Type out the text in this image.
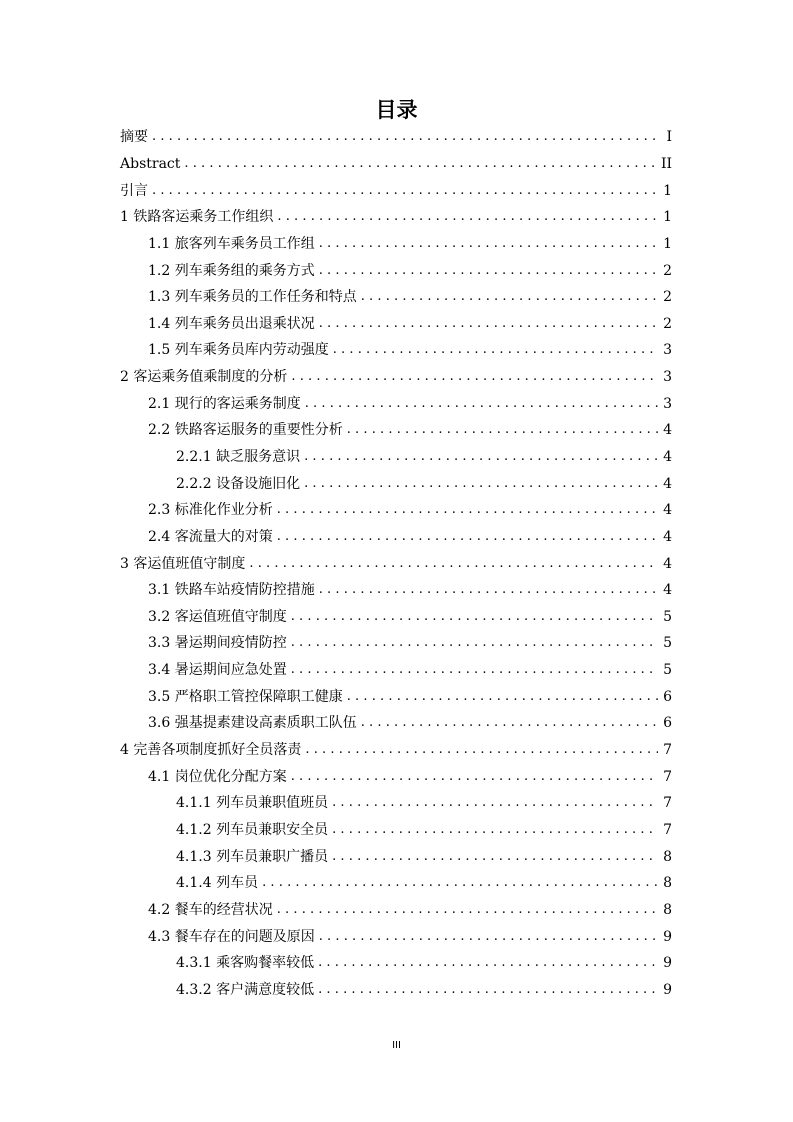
目录
摘要 .....	I
Abstract .....	II
引言 .....	1
1 铁路客运乘务工作组织 .....	1
1.1 旅客列车乘务员工作组 .....	1
1.2 列车乘务组的乘务方式 .....	2
1.3 列车乘务员的工作任务和特点 .....	2
1.4 列车乘务员出退乘状况 .....	2
1.5 列车乘务员库内劳动强度 .....	3
2 客运乘务值乘制度的分析 .....	3
2.1 现行的客运乘务制度 .....	3
2.2 铁路客运服务的重要性分析 .....	4
2.2.1 缺乏服务意识 .....	4
2.2.2 设备设施旧化 .....	4
2.3 标准化作业分析 .....	4
2.4 客流量大的对策 .....	4
3 客运值班值守制度 .....	4
3.1 铁路车站疫情防控措施 .....	4
3.2 客运值班值守制度 .....	5
3.3 暑运期间疫情防控 .....	5
3.4 暑运期间应急处置 .....	5
3.5 严格职工管控保障职工健康 .....	6
3.6 强基提素建设高素质职工队伍 .....	6
4 完善各项制度抓好全员落责 .....	7
4.1 岗位优化分配方案 .....	7
4.1.1 列车员兼职值班员 .....	7
4.1.2 列车员兼职安全员 .....	7
4.1.3 列车员兼职广播员 .....	8
4.1.4 列车员 .....	8
4.2 餐车的经营状况 .....	8
4.3 餐车存在的问题及原因 .....	9
4.3.1 乘客购餐率较低 .....	9
4.3.2 客户满意度较低 .....	9
III
